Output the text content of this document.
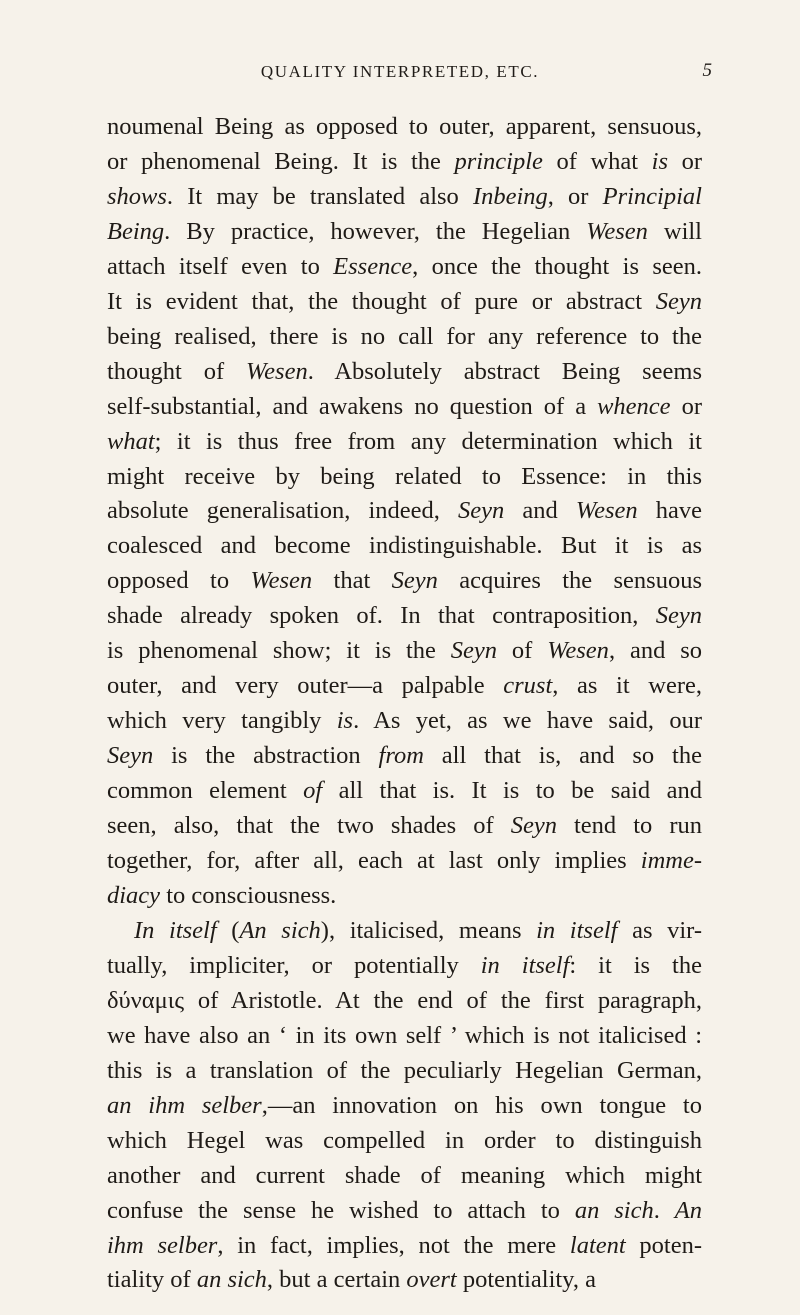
QUALITY INTERPRETED, ETC.	5
noumenal Being as opposed to outer, apparent, sensuous,
or phenomenal Being. It is the principle of what is or
shows. It may be translated also Inbeing, or Principial
Being. By practice, however, the Hegelian Wesen will
attach itself even to Essence, once the thought is seen.
It is evident that, the thought of pure or abstract Seyn
being realised, there is no call for any reference to the
thought of Wesen. Absolutely abstract Being seems
self-substantial, and awakens no question of a whence or
what; it is thus free from any determination which it
might receive by being related to Essence: in this
absolute generalisation, indeed, Seyn and Wesen have
coalesced and become indistinguishable. But it is as
opposed to Wesen that Seyn acquires the sensuous
shade already spoken of. In that contraposition, Seyn
is phenomenal show; it is the Seyn of Wesen, and so
outer, and very outer—a palpable crust, as it were,
which very tangibly is. As yet, as we have said, our
Seyn is the abstraction from all that is, and so the
common element of all that is. It is to be said and
seen, also, that the two shades of Seyn tend to run
together, for, after all, each at last only implies imme-
diacy to consciousness.
In itself (An sich), italicised, means in itself as vir-
tually, impliciter, or potentially in itself: it is the
δύναμις of Aristotle. At the end of the first paragraph,
we have also an ‘ in its own self ’ which is not italicised :
this is a translation of the peculiarly Hegelian German,
an ihm selber,—an innovation on his own tongue to
which Hegel was compelled in order to distinguish
another and current shade of meaning which might
confuse the sense he wished to attach to an sich. An
ihm selber, in fact, implies, not the mere latent poten-
tiality of an sich, but a certain overt potentiality, a
